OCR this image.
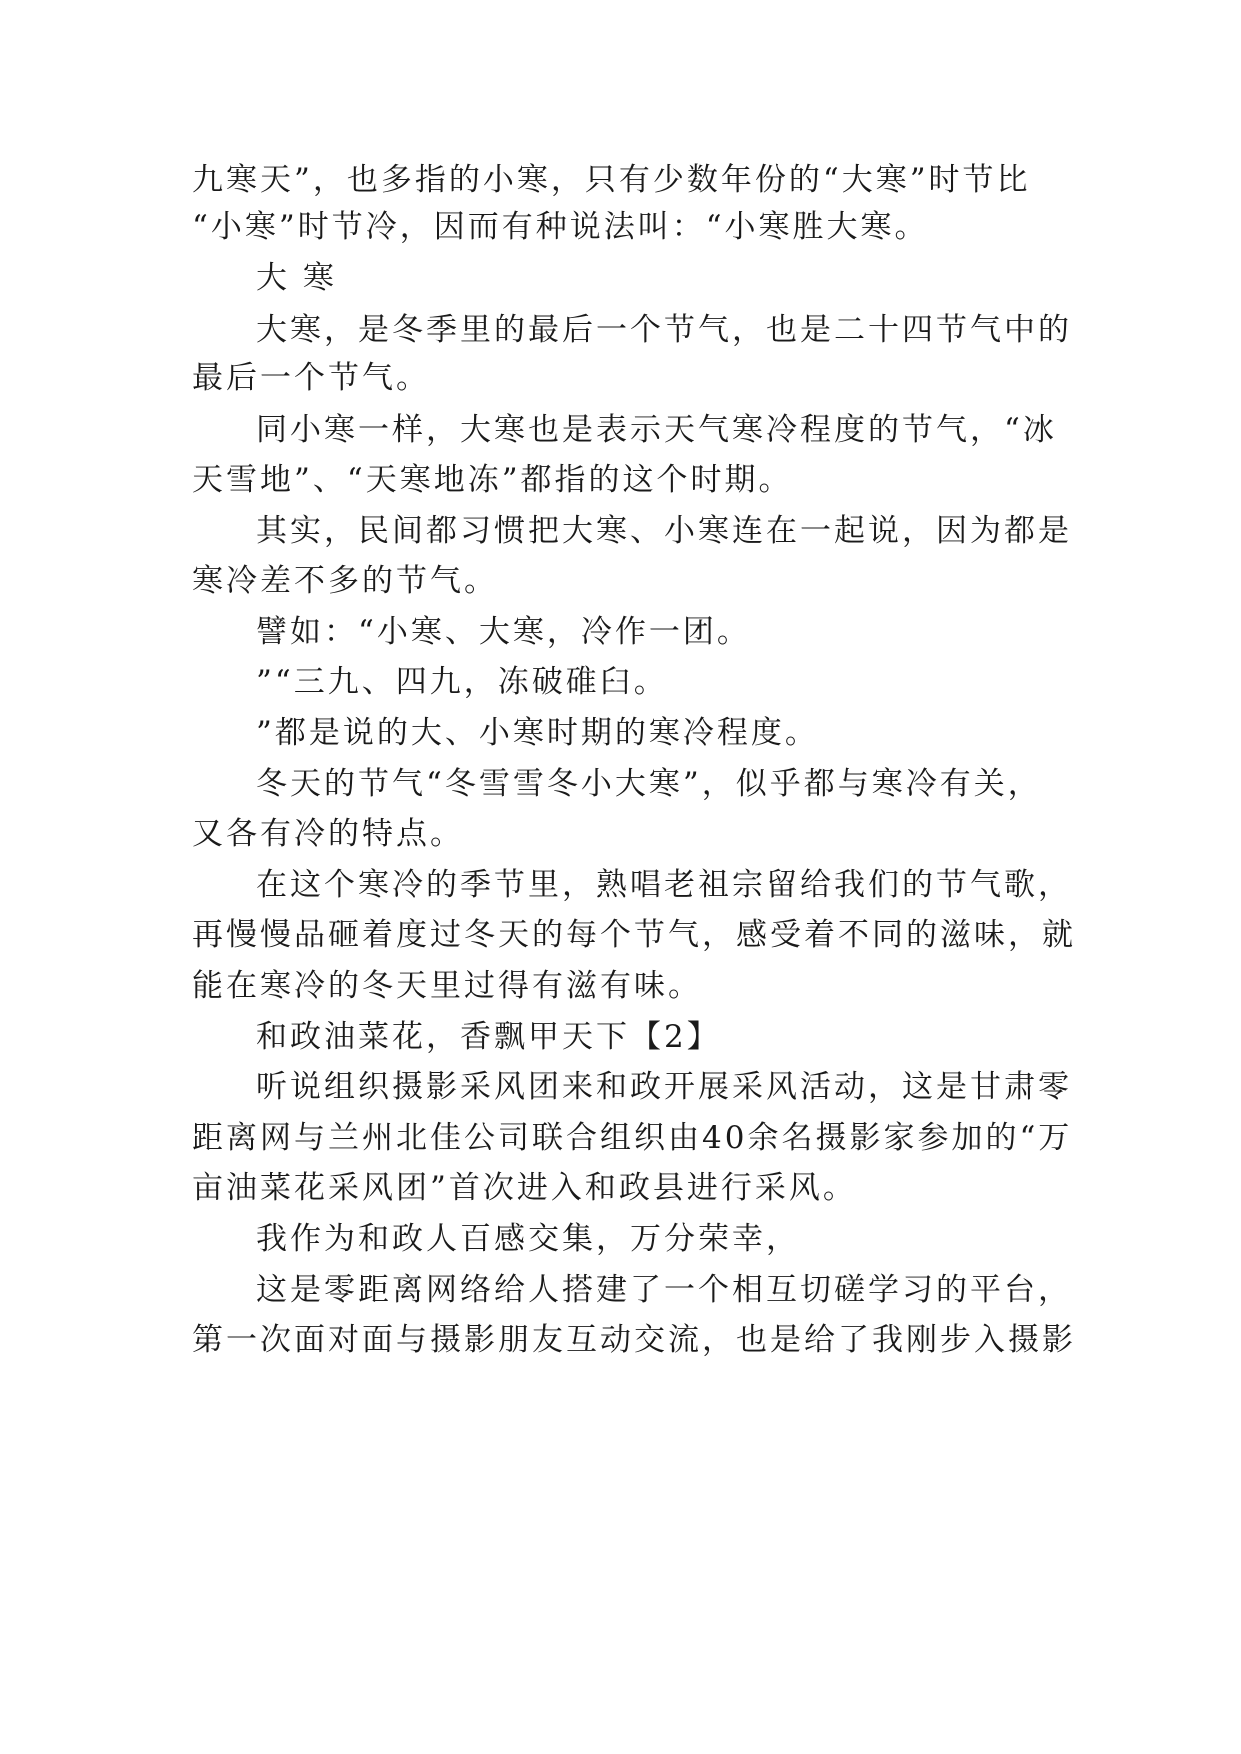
九寒天”，也多指的小寒，只有少数年份的“大寒”时节比
“小寒”时节冷，因而有种说法叫：“小寒胜大寒。
大 寒
大寒，是冬季里的最后一个节气，也是二十四节气中的
最后一个节气。
同小寒一样，大寒也是表示天气寒冷程度的节气，“冰
天雪地”、“天寒地冻”都指的这个时期。
其实，民间都习惯把大寒、小寒连在一起说，因为都是
寒冷差不多的节气。
譬如：“小寒、大寒，冷作一团。
”“三九、四九，冻破碓臼。
”都是说的大、小寒时期的寒冷程度。
冬天的节气“冬雪雪冬小大寒”，似乎都与寒冷有关，
又各有冷的特点。
在这个寒冷的季节里，熟唱老祖宗留给我们的节气歌，
再慢慢品砸着度过冬天的每个节气，感受着不同的滋味，就
能在寒冷的冬天里过得有滋有味。
和政油菜花，香飘甲天下【2】
听说组织摄影采风团来和政开展采风活动，这是甘肃零
距离网与兰州北佳公司联合组织由40余名摄影家参加的“万
亩油菜花采风团”首次进入和政县进行采风。
我作为和政人百感交集，万分荣幸，
这是零距离网络给人搭建了一个相互切磋学习的平台，
第一次面对面与摄影朋友互动交流，也是给了我刚步入摄影
